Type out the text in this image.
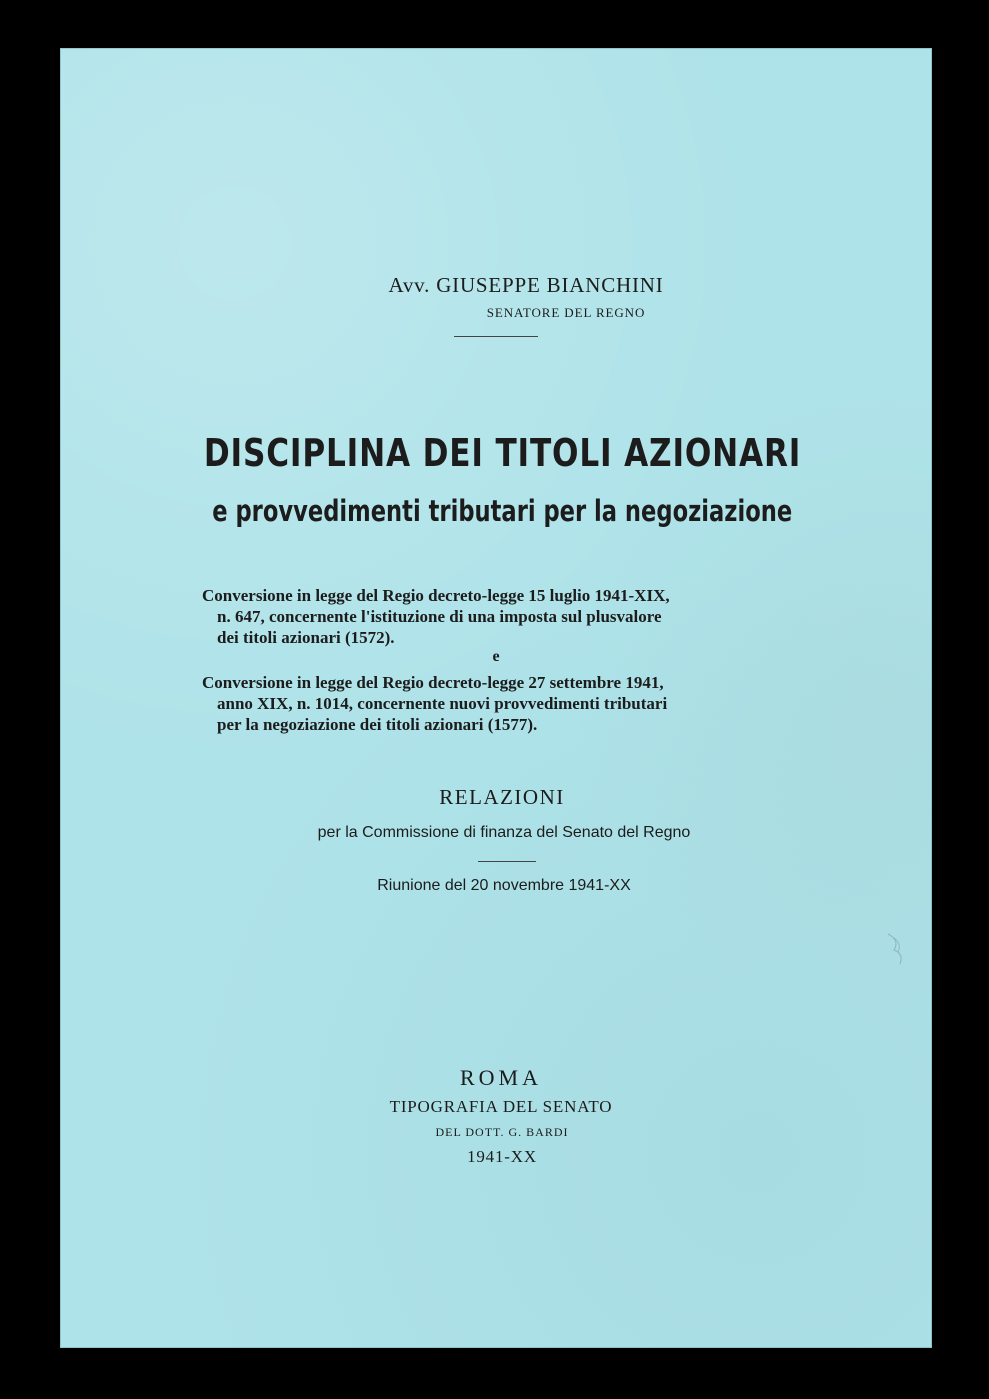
Avv. GIUSEPPE BIANCHINI
SENATORE DEL REGNO
DISCIPLINA DEI TITOLI AZIONARI
e provvedimenti tributari per la negoziazione
Conversione in legge del Regio decreto-legge 15 luglio 1941-XIX,
n. 647, concernente l'istituzione di una imposta sul plusvalore
dei titoli azionari (1572).
e
Conversione in legge del Regio decreto-legge 27 settembre 1941,
anno XIX, n. 1014, concernente nuovi provvedimenti tributari
per la negoziazione dei titoli azionari (1577).
RELAZIONI
per la Commissione di finanza del Senato del Regno
Riunione del 20 novembre 1941-XX
ROMA
TIPOGRAFIA DEL SENATO
DEL DOTT. G. BARDI
1941-XX
